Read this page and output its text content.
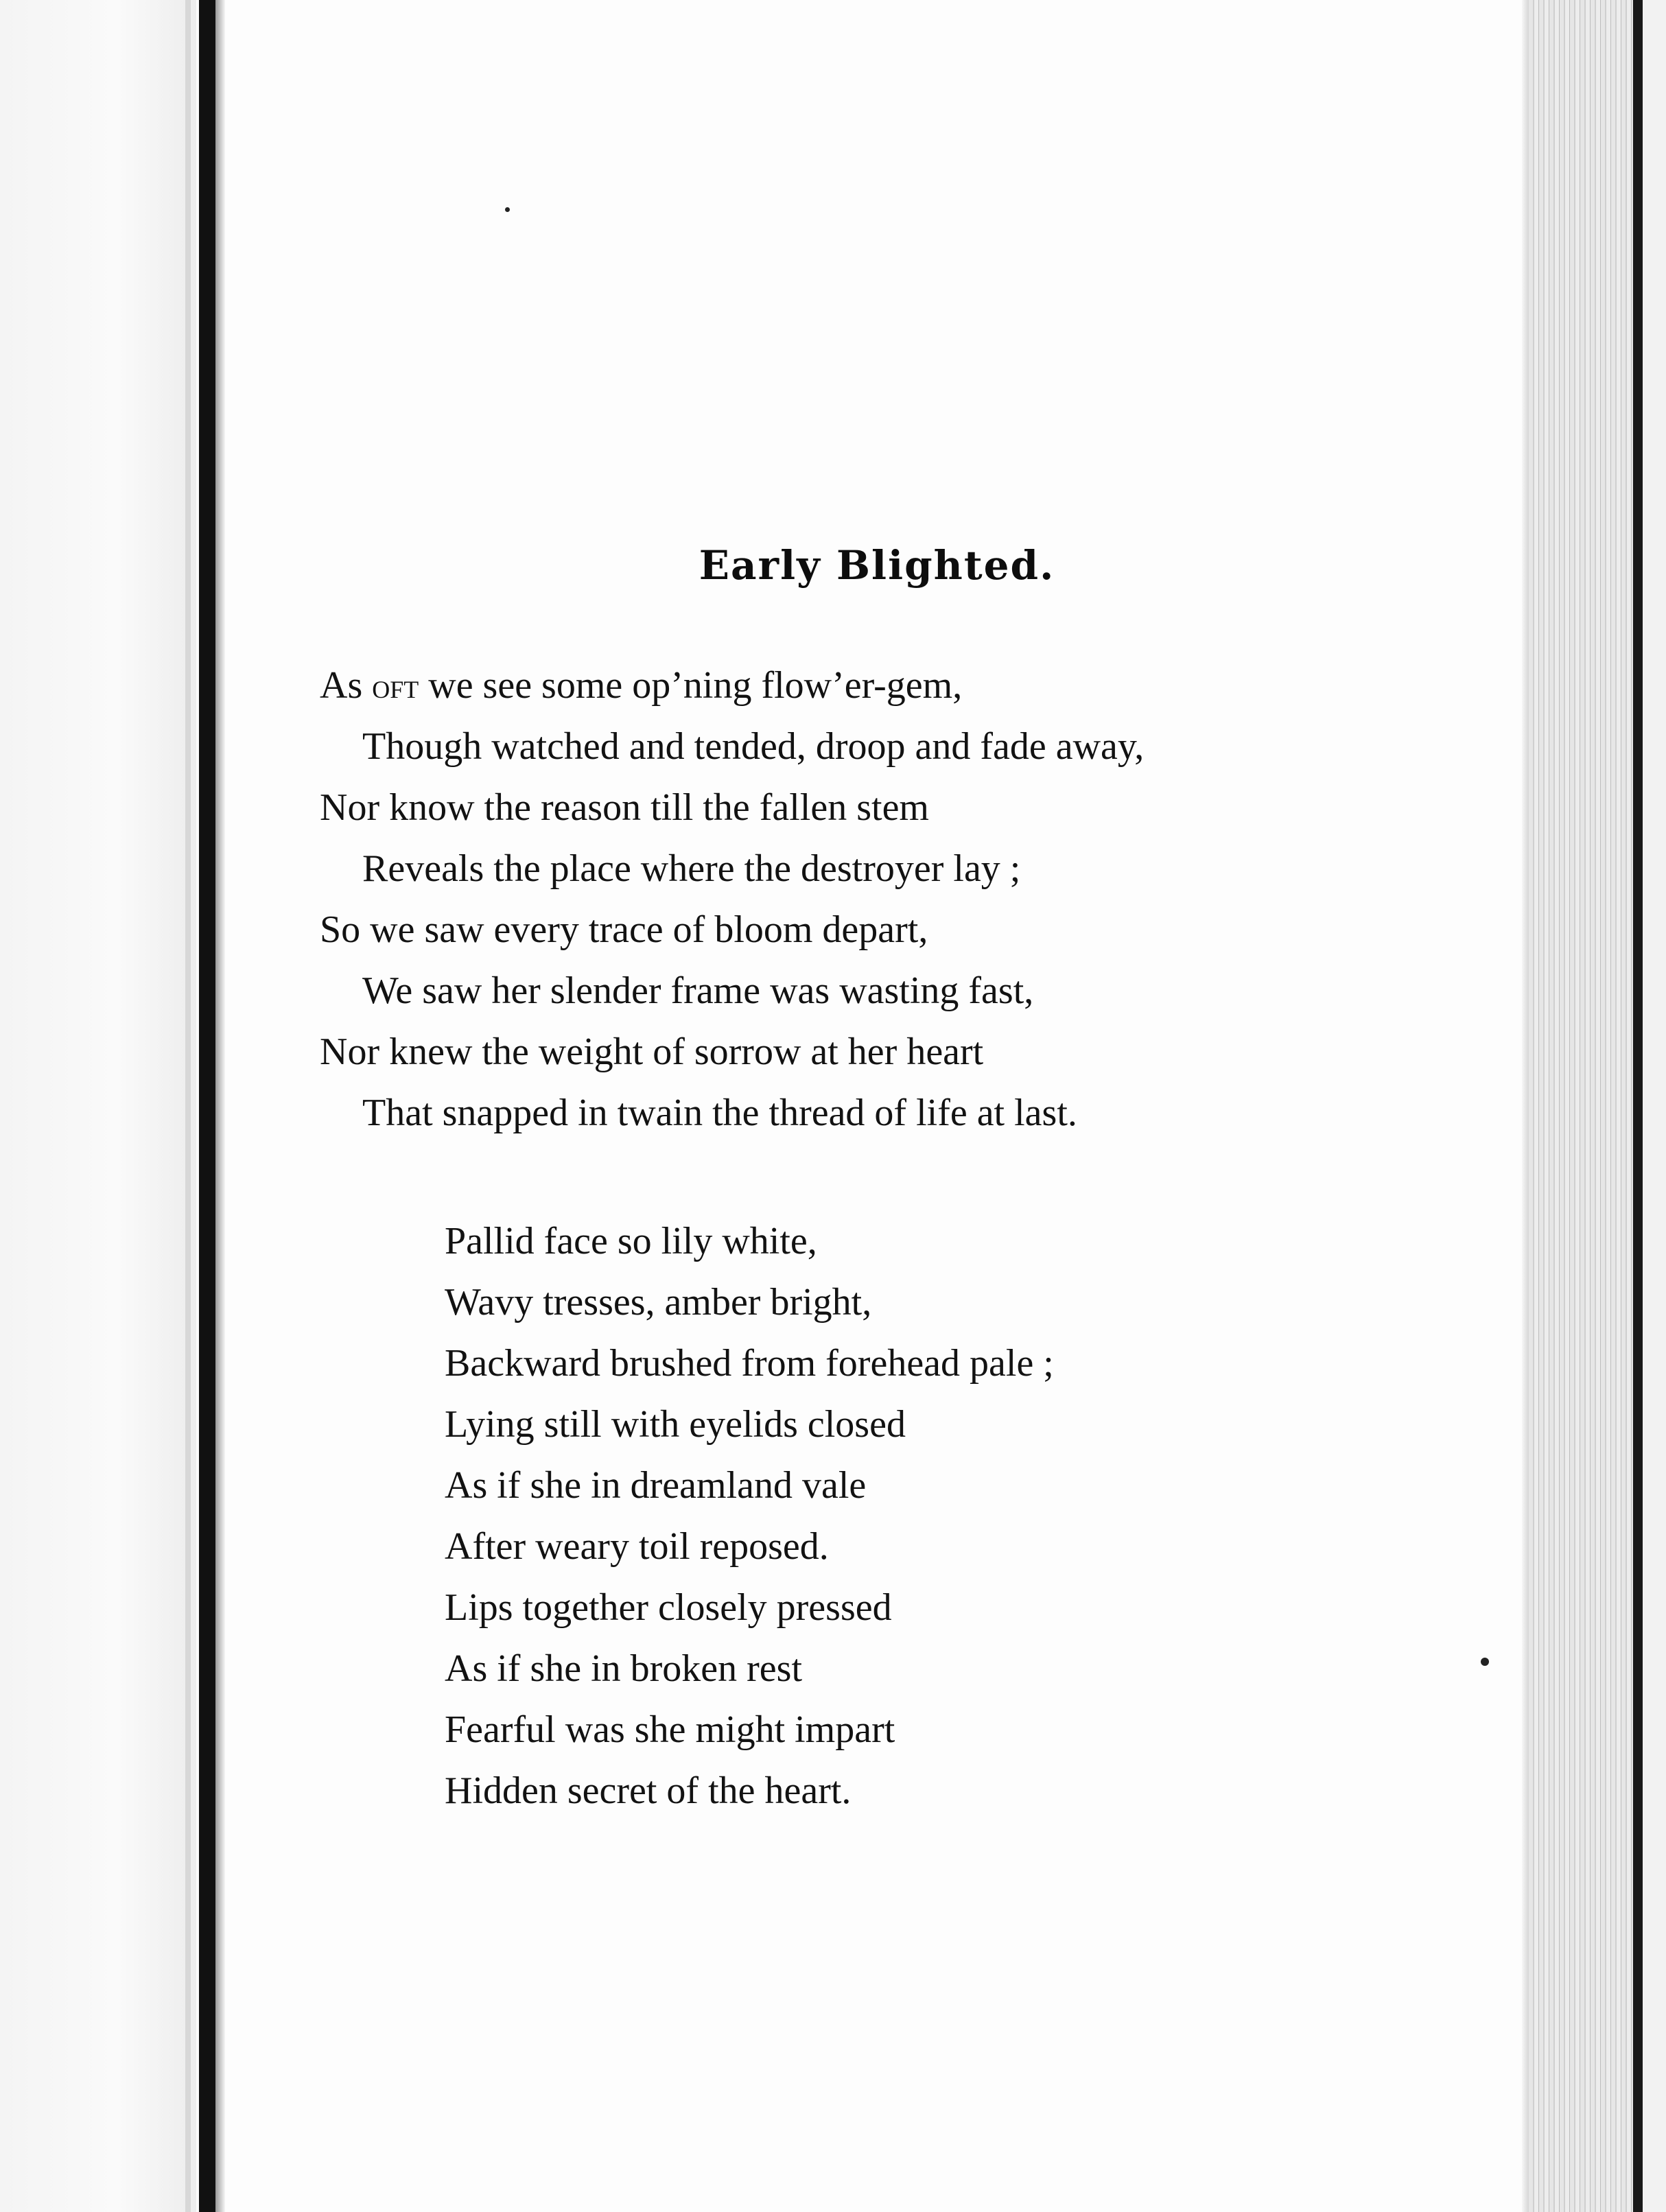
Early Blighted.
As oft we see some op’ning flow’er-gem,
Though watched and tended, droop and fade away,
Nor know the reason till the fallen stem
Reveals the place where the destroyer lay ;
So we saw every trace of bloom depart,
We saw her slender frame was wasting fast,
Nor knew the weight of sorrow at her heart
That snapped in twain the thread of life at last.
Pallid face so lily white,
Wavy tresses, amber bright,
Backward brushed from forehead pale ;
Lying still with eyelids closed
As if she in dreamland vale
After weary toil reposed.
Lips together closely pressed
As if she in broken rest
Fearful was she might impart
Hidden secret of the heart.
